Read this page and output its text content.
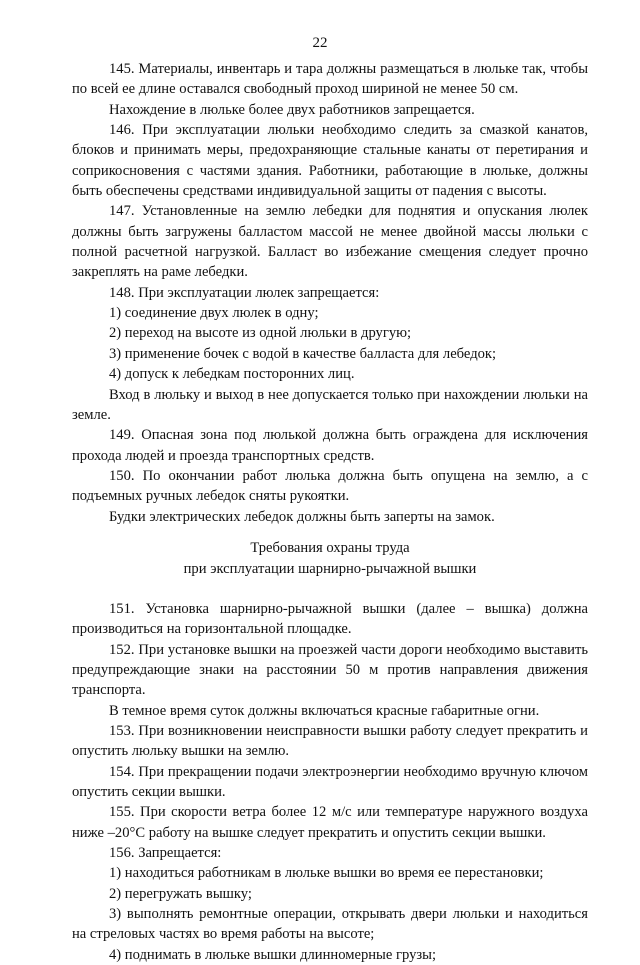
22

145. Материалы, инвентарь и тара должны размещаться в люльке так, чтобы по всей ее длине оставался свободный проход шириной не менее 50 см.

Нахождение в люльке более двух работников запрещается.

146. При эксплуатации люльки необходимо следить за смазкой канатов, блоков и принимать меры, предохраняющие стальные канаты от перетирания и соприкосновения с частями здания. Работники, работающие в люльке, должны быть обеспечены средствами индивидуальной защиты от падения с высоты.

147. Установленные на землю лебедки для поднятия и опускания люлек должны быть загружены балластом массой не менее двойной массы люльки с полной расчетной нагрузкой. Балласт во избежание смещения следует прочно закреплять на раме лебедки.

148. При эксплуатации люлек запрещается:

1) соединение двух люлек в одну;

2) переход на высоте из одной люльки в другую;

3) применение бочек с водой в качестве балласта для лебедок;

4) допуск к лебедкам посторонних лиц.

Вход в люльку и выход в нее допускается только при нахождении люльки на земле.

149. Опасная зона под люлькой должна быть ограждена для исключения прохода людей и проезда транспортных средств.

150. По окончании работ люлька должна быть опущена на землю, а с подъемных ручных лебедок сняты рукоятки.

Будки электрических лебедок должны быть заперты на замок.

Требования охраны труда
при эксплуатации шарнирно-рычажной вышки

151. Установка шарнирно-рычажной вышки (далее – вышка) должна производиться на горизонтальной площадке.

152. При установке вышки на проезжей части дороги необходимо выставить предупреждающие знаки на расстоянии 50 м против направления движения транспорта.

В темное время суток должны включаться красные габаритные огни.

153. При возникновении неисправности вышки работу следует прекратить и опустить люльку вышки на землю.

154. При прекращении подачи электроэнергии необходимо вручную ключом опустить секции вышки.

155. При скорости ветра более 12 м/с или температуре наружного воздуха ниже –20°С работу на вышке следует прекратить и опустить секции вышки.

156. Запрещается:

1) находиться работникам в люльке вышки во время ее перестановки;

2) перегружать вышку;

3) выполнять ремонтные операции, открывать двери люльки и находиться на стреловых частях во время работы на высоте;

4) поднимать в люльке вышки длинномерные грузы;
